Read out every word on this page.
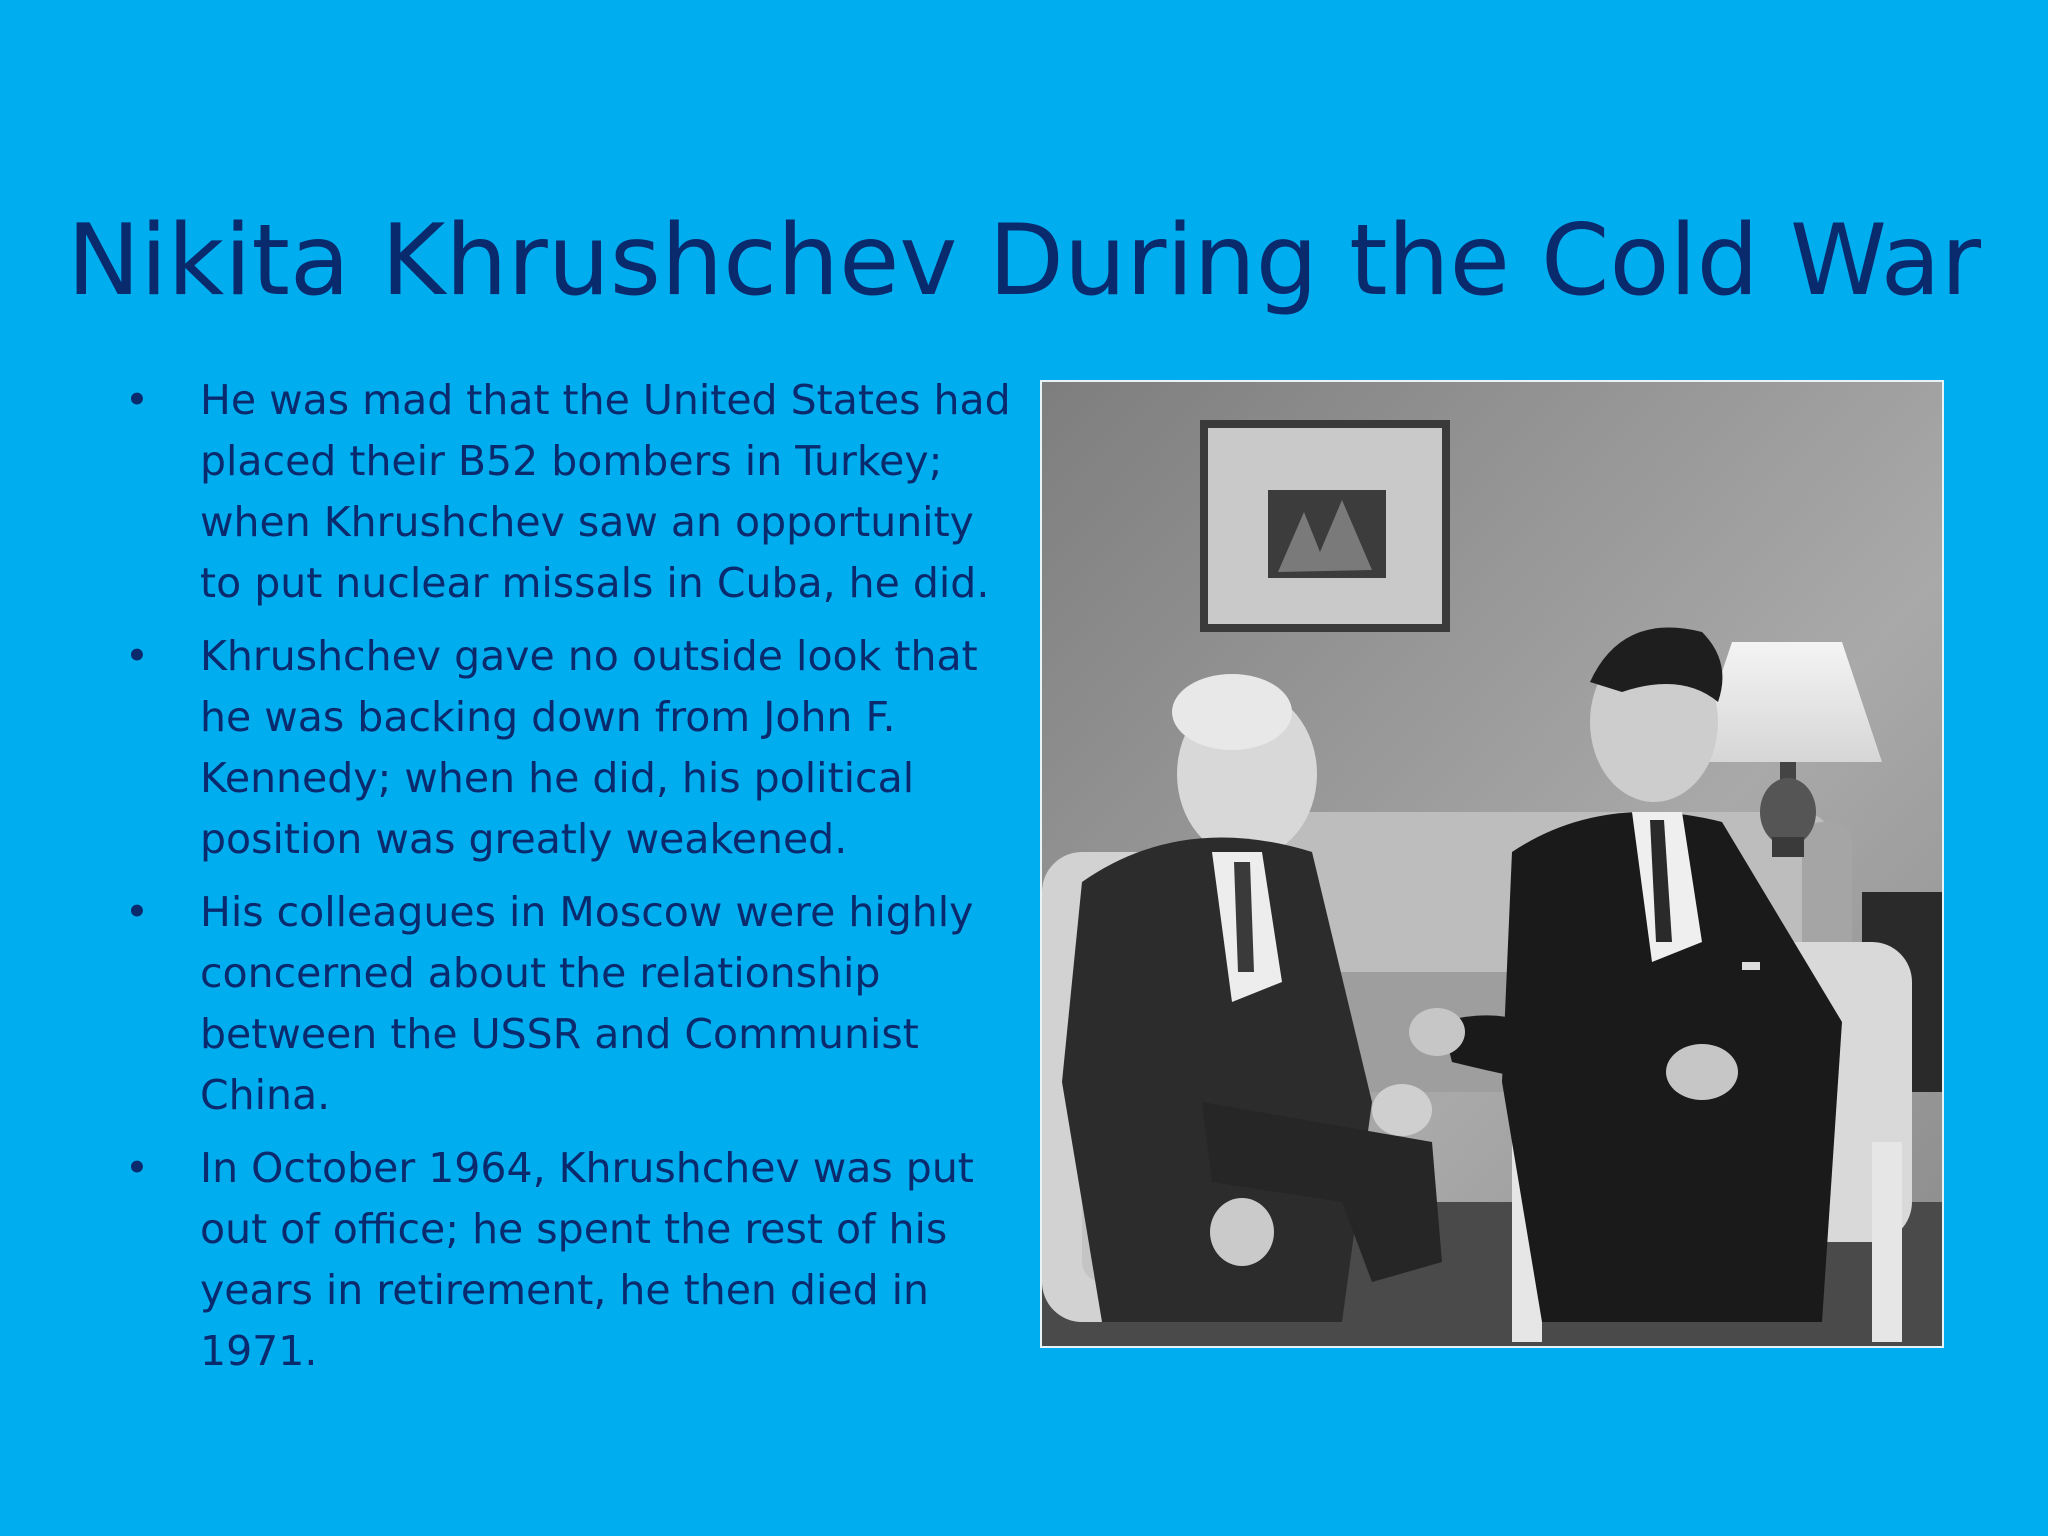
Nikita Khrushchev During the Cold War
• He was mad that the United States had placed their B52 bombers in Turkey; when Khrushchev saw an opportunity to put nuclear missals in Cuba, he did.
• Khrushchev gave no outside look that he was backing down from John F. Kennedy; when he did, his political position was greatly weakened.
• His colleagues in Moscow were highly concerned about the relationship between the USSR and Communist China.
• In October 1964, Khrushchev was put out of office; he spent the rest of his years in retirement, he then died in 1971.
